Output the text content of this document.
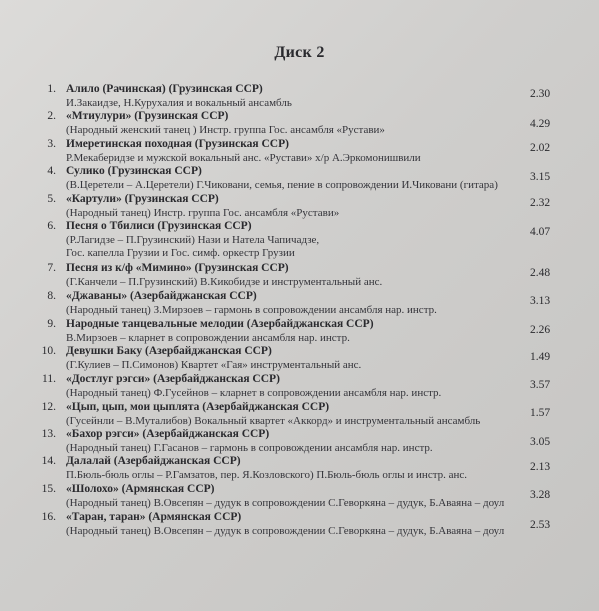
Диск 2
1. Алило (Рачинская) (Грузинская ССР)
И.Закаидзе, Н.Курухалия и вокальный ансамбль
2.30
2. «Мтиулури» (Грузинская ССР)
(Народный женский танец ) Инстр. группа Гос. ансамбля «Рустави»	4.29
3. Имеретинская походная (Грузинская ССР)
Р.Мекаберидзе и мужской вокальный анс. «Рустави» х/р А.Эркомонишвили
2.02
4. Сулико (Грузинская ССР)
(В.Церетели – А.Церетели) Г.Чиковани, семья, пение в сопровождении И.Чиковани (гитара)
3.15
5. «Картули» (Грузинская ССР)
(Народный танец) Инстр. группа Гос. ансамбля «Рустави»
2.32
6. Песня о Тбилиси (Грузинская ССР)
(Р.Лагидзе – П.Грузинский) Нази и Натела Чапичадзе,
Гос. капелла Грузии и Гос. симф. оркестр Грузии
4.07
7. Песня из к/ф «Мимино» (Грузинская ССР)
(Г.Канчели – П.Грузинский) В.Кикобидзе и инструментальный анс.
2.48
8. «Джаваны» (Азербайджанская ССР)
(Народный танец) З.Мирзоев – гармонь в сопровождении ансамбля нар. инстр.
3.13
9. Народные танцевальные мелодии (Азербайджанская ССР)
В.Мирзоев – кларнет в сопровождении ансамбля нар. инстр.
2.26
10. Девушки Баку (Азербайджанская ССР)
(Г.Кулиев – П.Симонов) Квартет «Гая» инструментальный анс.
1.49
11. «Достлуг рэгси» (Азербайджанская ССР)
(Народный танец) Ф.Гусейнов – кларнет в сопровождении ансамбля нар. инстр.
3.57
12. «Цып, цып, мои цыплята (Азербайджанская ССР)
(Гусейнли – В.Муталибов) Вокальный квартет «Аккорд» и инструментальный ансамбль
1.57
13. «Бахор рэгси» (Азербайджанская ССР)
(Народный танец) Г.Гасанов – гармонь в сопровождении ансамбля нар. инстр.	3.05
14. Далалай (Азербайджанская ССР)
П.Бюль-бюль оглы – Р.Гамзатов, пер. Я.Козловского) П.Бюль-бюль оглы и инстр. анс.
2.13
15. «Шолохо» (Армянская ССР)
(Народный танец) В.Овсепян – дудук в сопровождении С.Геворкяна – дудук, Б.Аваяна – доул
3.28
16. «Таран, таран» (Армянская ССР)
(Народный танец) В.Овсепян – дудук в сопровождении С.Геворкяна – дудук, Б.Аваяна – доул 2.53
